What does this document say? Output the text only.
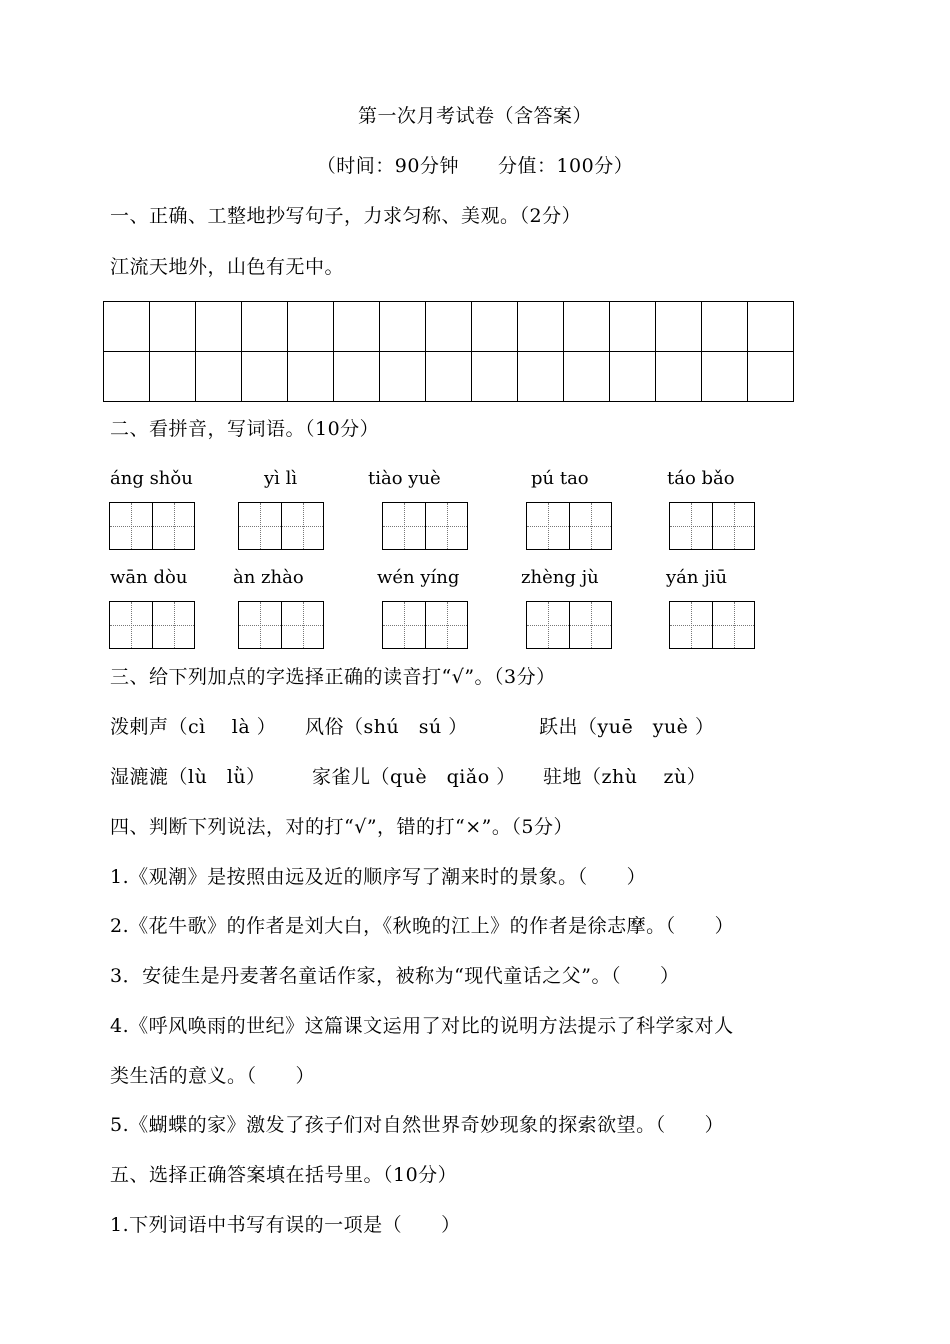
第一次月考试卷（含答案）
（时间：90分钟　　分值：100分）
一、正确、工整地抄写句子，力求匀称、美观。（2分）
江流天地外，山色有无中。

二、看拼音，写词语。（10分）
áng shǒu	yì lì	tiào yuè	pú tao	táo bǎo
wān dòu	àn zhào	wén yíng	zhèng jù	yán jiū
三、给下列加点的字选择正确的读音打“√”。（3分）
泼剌声（cì　 là ） 风俗（shú　sú ）	跃出（yuē　yuè ）
湿漉漉（lù　lǜ） 家雀儿（què　qiǎo ） 驻地（zhù　 zù）
四、判断下列说法，对的打“√”，错的打“×”。（5分）
1.《观潮》是按照由远及近的顺序写了潮来时的景象。（　　）
2.《花牛歌》的作者是刘大白，《秋晚的江上》的作者是徐志摩。（　　）
3．安徒生是丹麦著名童话作家，被称为“现代童话之父”。（　　）
4.《呼风唤雨的世纪》这篇课文运用了对比的说明方法提示了科学家对人
类生活的意义。（　　）
5.《蝴蝶的家》激发了孩子们对自然世界奇妙现象的探索欲望。（　　）
五、选择正确答案填在括号里。（10分）
1.下列词语中书写有误的一项是（　　）
